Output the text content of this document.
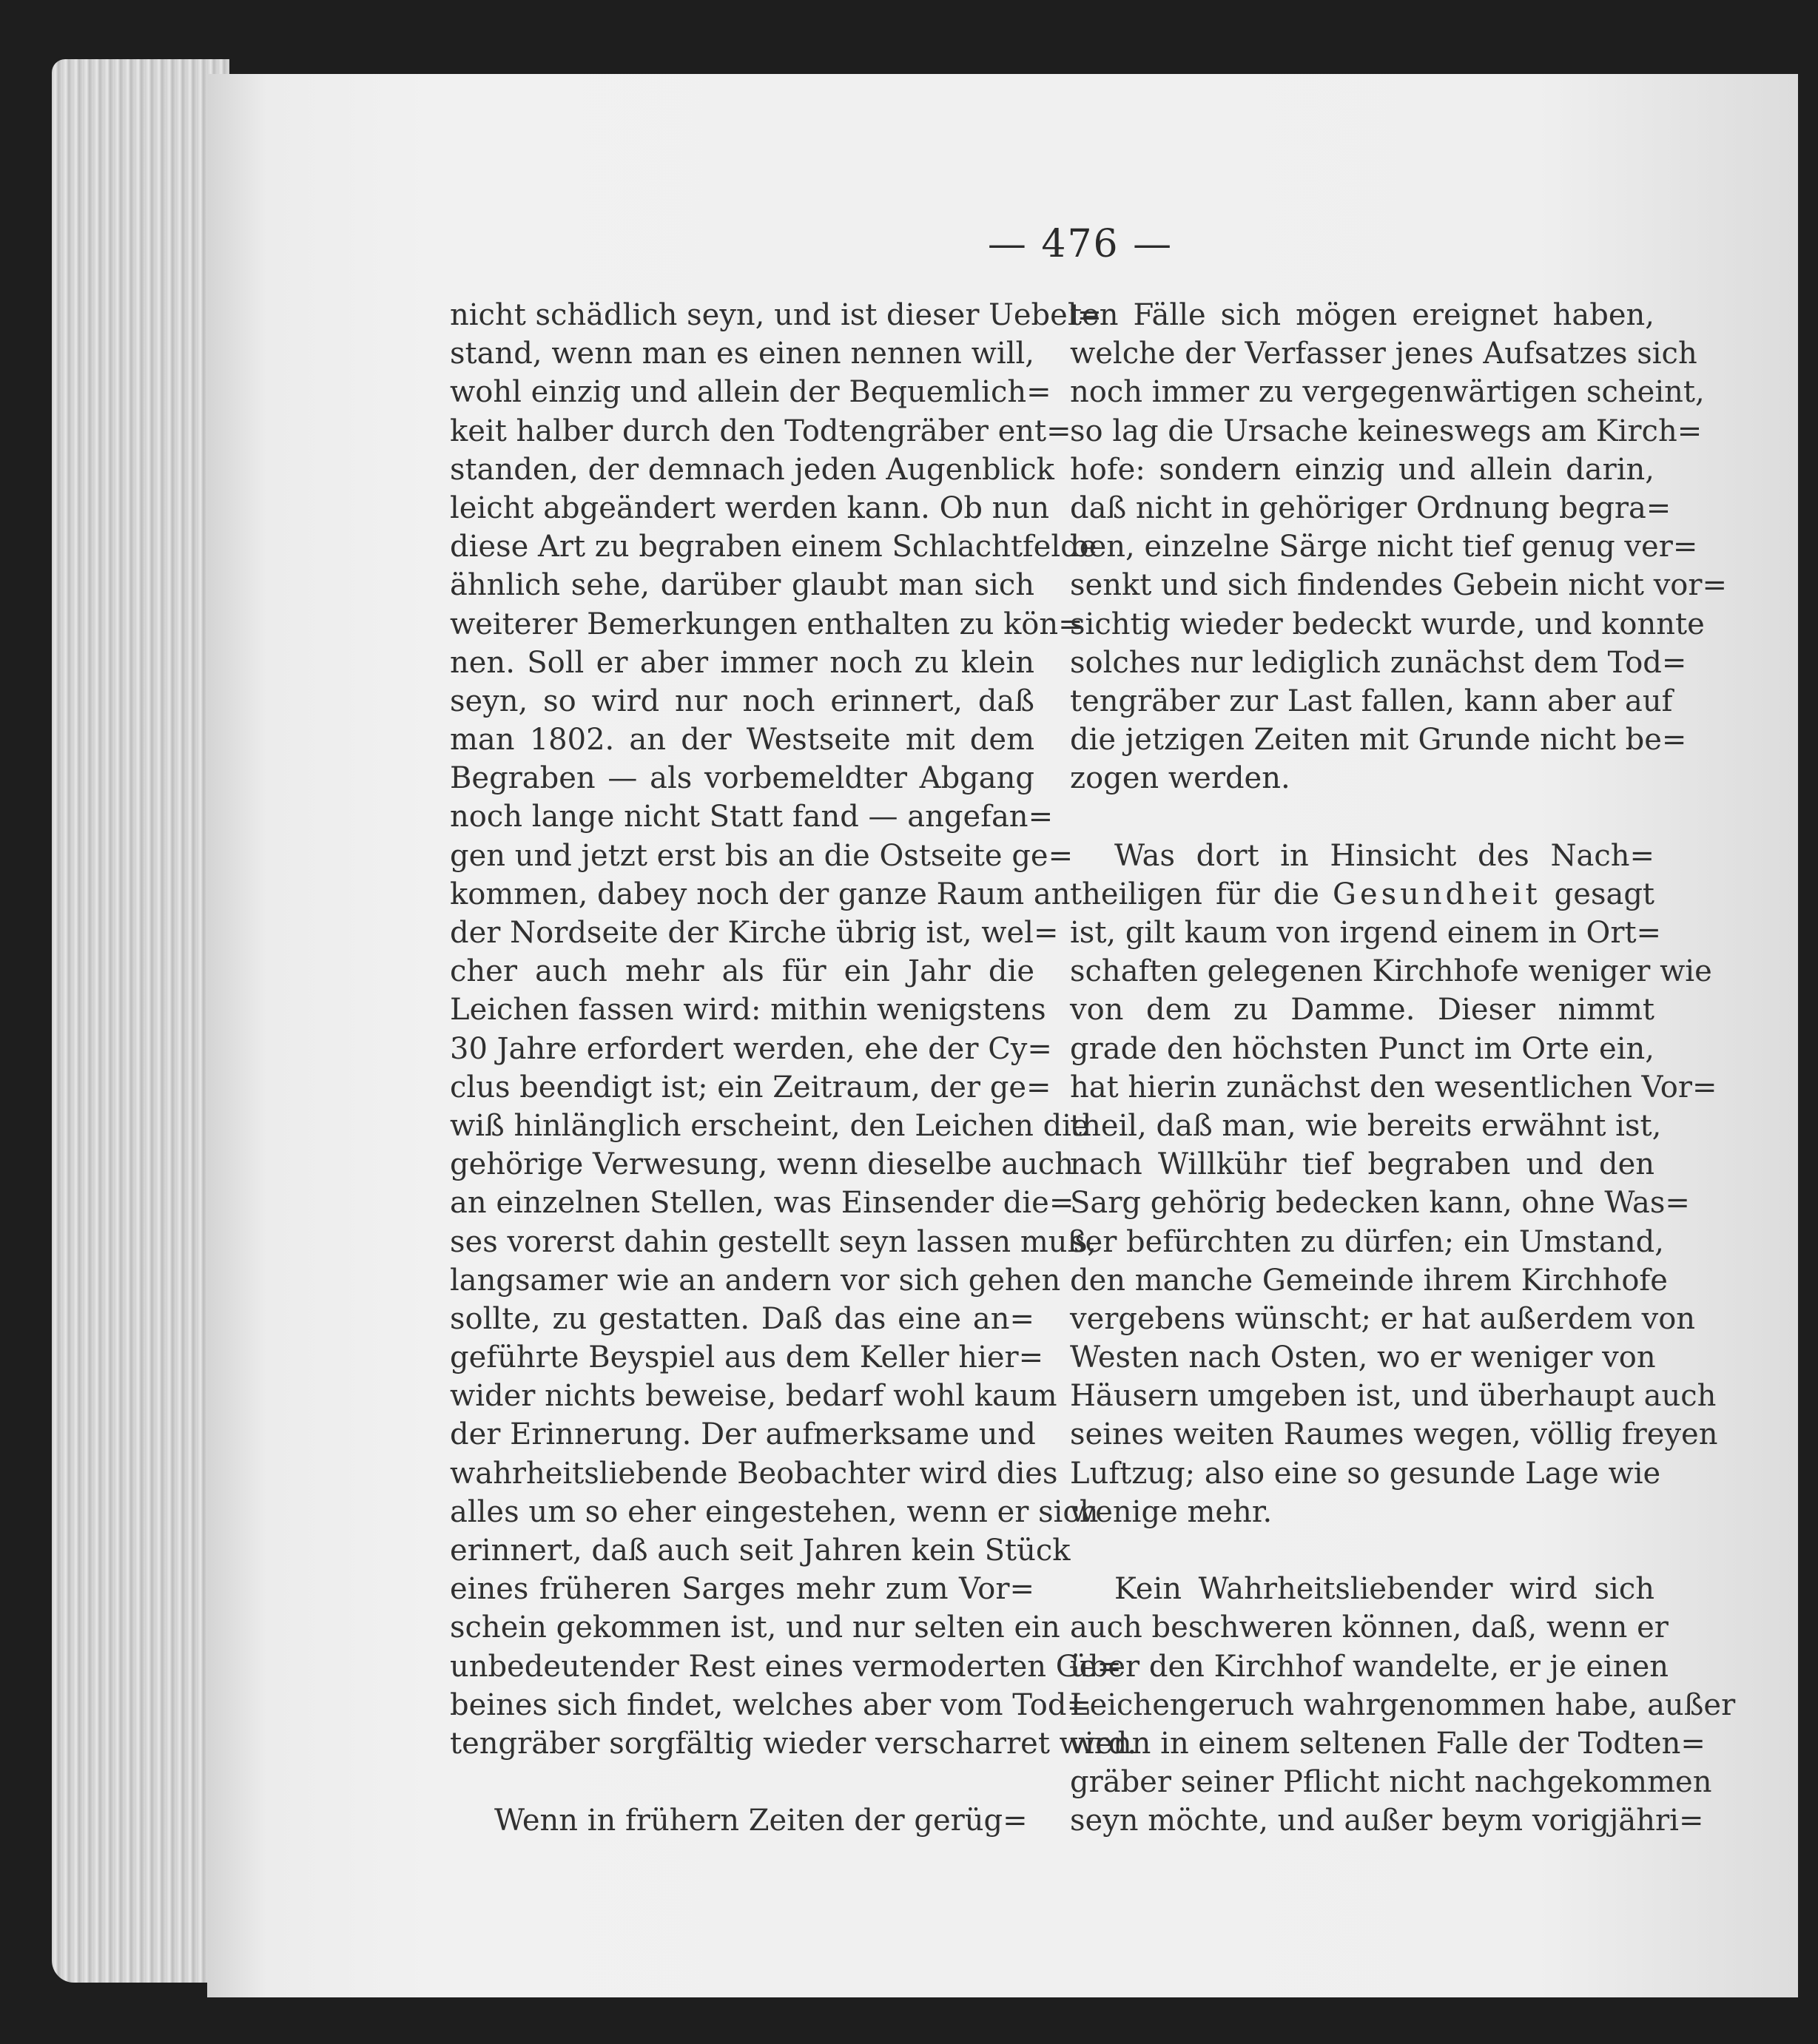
— 476 —
nicht schädlich seyn, und ist dieser Uebel=
stand, wenn man es einen nennen will,
wohl einzig und allein der Bequemlich=
keit halber durch den Todtengräber ent=
standen, der demnach jeden Augenblick
leicht abgeändert werden kann. Ob nun
diese Art zu begraben einem Schlachtfelde
ähnlich sehe, darüber glaubt man sich
weiterer Bemerkungen enthalten zu kön=
nen. Soll er aber immer noch zu klein
seyn, so wird nur noch erinnert, daß
man 1802. an der Westseite mit dem
Begraben — als vorbemeldter Abgang
noch lange nicht Statt fand — angefan=
gen und jetzt erst bis an die Ostseite ge=
kommen, dabey noch der ganze Raum an
der Nordseite der Kirche übrig ist, wel=
cher auch mehr als für ein Jahr die
Leichen fassen wird: mithin wenigstens
30 Jahre erfordert werden, ehe der Cy=
clus beendigt ist; ein Zeitraum, der ge=
wiß hinlänglich erscheint, den Leichen die
gehörige Verwesung, wenn dieselbe auch
an einzelnen Stellen, was Einsender die=
ses vorerst dahin gestellt seyn lassen muß,
langsamer wie an andern vor sich gehen
sollte, zu gestatten. Daß das eine an=
geführte Beyspiel aus dem Keller hier=
wider nichts beweise, bedarf wohl kaum
der Erinnerung. Der aufmerksame und
wahrheitsliebende Beobachter wird dies
alles um so eher eingestehen, wenn er sich
erinnert, daß auch seit Jahren kein Stück
eines früheren Sarges mehr zum Vor=
schein gekommen ist, und nur selten ein
unbedeutender Rest eines vermoderten Ge=
beines sich findet, welches aber vom Tod=
tengräber sorgfältig wieder verscharret wird.
Wenn in frühern Zeiten der gerüg=
ten Fälle sich mögen ereignet haben,
welche der Verfasser jenes Aufsatzes sich
noch immer zu vergegenwärtigen scheint,
so lag die Ursache keineswegs am Kirch=
hofe: sondern einzig und allein darin,
daß nicht in gehöriger Ordnung begra=
ben, einzelne Särge nicht tief genug ver=
senkt und sich findendes Gebein nicht vor=
sichtig wieder bedeckt wurde, und konnte
solches nur lediglich zunächst dem Tod=
tengräber zur Last fallen, kann aber auf
die jetzigen Zeiten mit Grunde nicht be=
zogen werden.
Was dort in Hinsicht des Nach=
theiligen für die Gesundheit gesagt
ist, gilt kaum von irgend einem in Ort=
schaften gelegenen Kirchhofe weniger wie
von dem zu Damme. Dieser nimmt
grade den höchsten Punct im Orte ein,
hat hierin zunächst den wesentlichen Vor=
theil, daß man, wie bereits erwähnt ist,
nach Willkühr tief begraben und den
Sarg gehörig bedecken kann, ohne Was=
ser befürchten zu dürfen; ein Umstand,
den manche Gemeinde ihrem Kirchhofe
vergebens wünscht; er hat außerdem von
Westen nach Osten, wo er weniger von
Häusern umgeben ist, und überhaupt auch
seines weiten Raumes wegen, völlig freyen
Luftzug; also eine so gesunde Lage wie
wenige mehr.
Kein Wahrheitsliebender wird sich
auch beschweren können, daß, wenn er
über den Kirchhof wandelte, er je einen
Leichengeruch wahrgenommen habe, außer
wenn in einem seltenen Falle der Todten=
gräber seiner Pflicht nicht nachgekommen
seyn möchte, und außer beym vorigjähri=
